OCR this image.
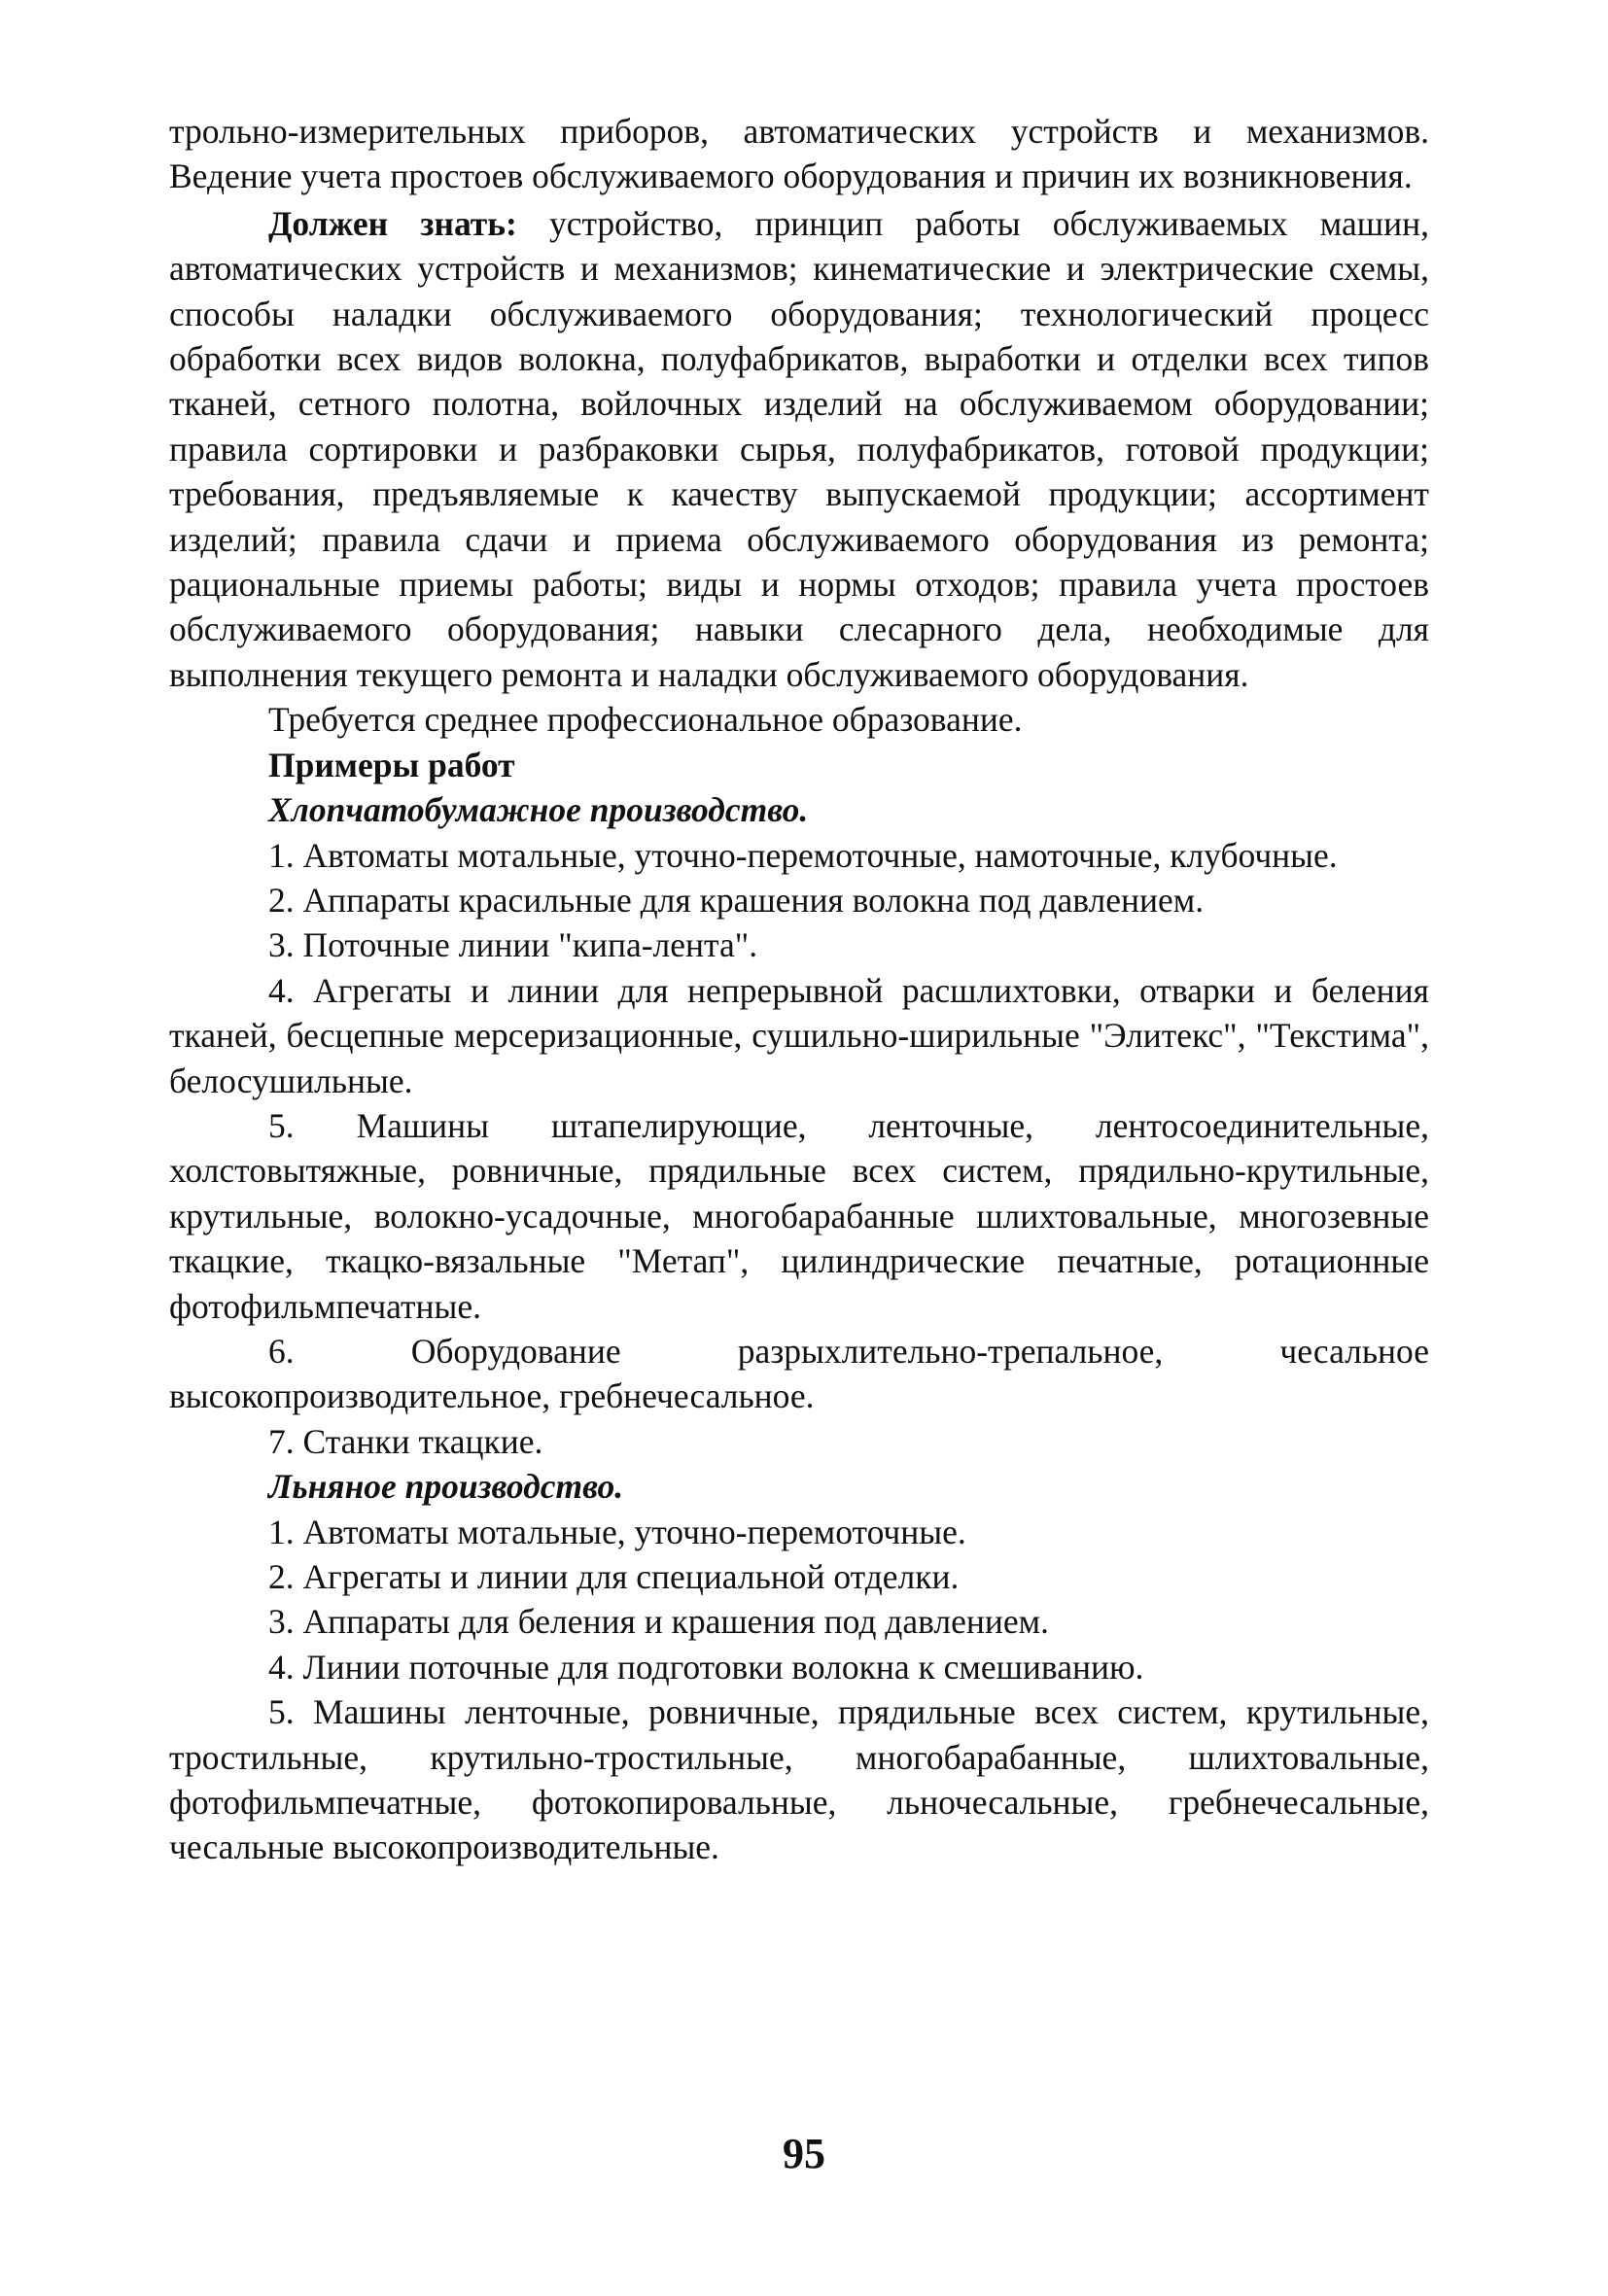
трольно-измерительных приборов, автоматических устройств и механизмов. Ведение учета простоев обслуживаемого оборудования и причин их возникновения.

Должен знать: устройство, принцип работы обслуживаемых машин, автоматических устройств и механизмов; кинематические и электрические схемы, способы наладки обслуживаемого оборудования; технологический процесс обработки всех видов волокна, полуфабрикатов, выработки и отделки всех типов тканей, сетного полотна, войлочных изделий на обслуживаемом оборудовании; правила сортировки и разбраковки сырья, полуфабрикатов, готовой продукции; требования, предъявляемые к качеству выпускаемой продукции; ассортимент изделий; правила сдачи и приема обслуживаемого оборудования из ремонта; рациональные приемы работы; виды и нормы отходов; правила учета простоев обслуживаемого оборудования; навыки слесарного дела, необходимые для выполнения текущего ремонта и наладки обслуживаемого оборудования.

Требуется среднее профессиональное образование.

Примеры работ

Хлопчатобумажное производство.

1. Автоматы мотальные, уточно-перемоточные, намоточные, клубочные.

2. Аппараты красильные для крашения волокна под давлением.

3. Поточные линии "кипа-лента".

4. Агрегаты и линии для непрерывной расшлихтовки, отварки и беления тканей, бесцепные мерсеризационные, сушильно-ширильные "Элитекс", "Текстима", белосушильные.

5. Машины штапелирующие, ленточные, лентосоединительные, холстовытяжные, ровничные, прядильные всех систем, прядильно-крутильные, крутильные, волокно-усадочные, многобарабанные шлихтовальные, многозевные ткацкие, ткацко-вязальные "Метап", цилиндрические печатные, ротационные фотофильмпечатные.

6. Оборудование разрыхлительно-трепальное, чесальное высокопроизводительное, гребнечесальное.

7. Станки ткацкие.

Льняное производство.

1. Автоматы мотальные, уточно-перемоточные.

2. Агрегаты и линии для специальной отделки.

3. Аппараты для беления и крашения под давлением.

4. Линии поточные для подготовки волокна к смешиванию.

5. Машины ленточные, ровничные, прядильные всех систем, крутильные, тростильные, крутильно-тростильные, многобарабанные, шлихтовальные, фотофильмпечатные, фотокопировальные, льночесальные, гребнечесальные, чесальные высокопроизводительные.

95
